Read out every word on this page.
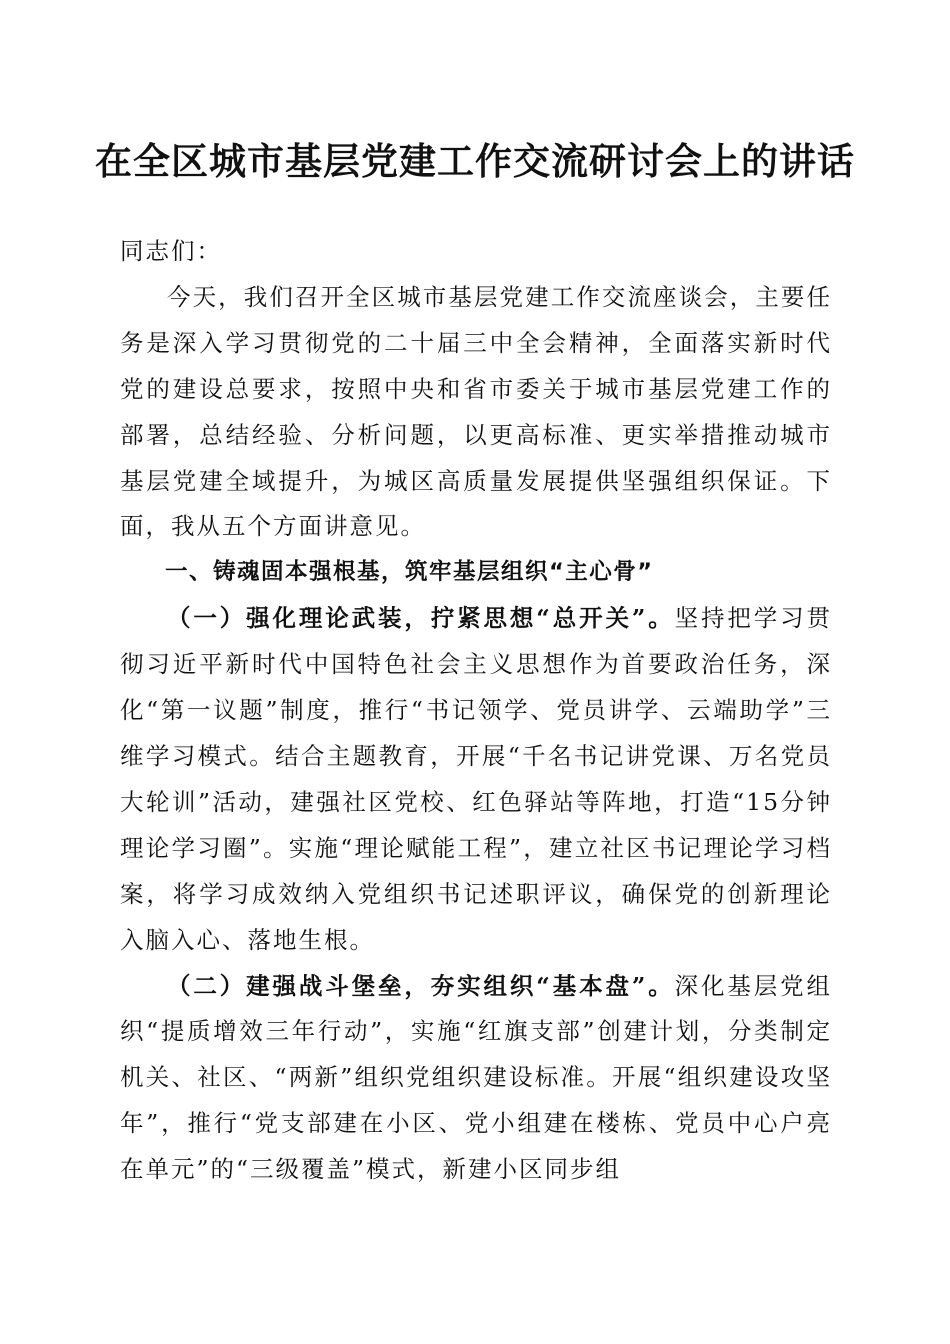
在全区城市基层党建工作交流研讨会上的讲话

同志们：

今天，我们召开全区城市基层党建工作交流座谈会，主要任务是深入学习贯彻党的二十届三中全会精神，全面落实新时代党的建设总要求，按照中央和省市委关于城市基层党建工作的部署，总结经验、分析问题，以更高标准、更实举措推动城市基层党建全域提升，为城区高质量发展提供坚强组织保证。下面，我从五个方面讲意见。

一、铸魂固本强根基，筑牢基层组织“主心骨”

（一）强化理论武装，拧紧思想“总开关”。坚持把学习贯彻习近平新时代中国特色社会主义思想作为首要政治任务，深化“第一议题”制度，推行“书记领学、党员讲学、云端助学”三维学习模式。结合主题教育，开展“千名书记讲党课、万名党员大轮训”活动，建强社区党校、红色驿站等阵地，打造“15分钟理论学习圈”。实施“理论赋能工程”，建立社区书记理论学习档案，将学习成效纳入党组织书记述职评议，确保党的创新理论入脑入心、落地生根。

（二）建强战斗堡垒，夯实组织“基本盘”。深化基层党组织“提质增效三年行动”，实施“红旗支部”创建计划，分类制定机关、社区、“两新”组织党组织建设标准。开展“组织建设攻坚年”，推行“党支部建在小区、党小组建在楼栋、党员中心户亮在单元”的“三级覆盖”模式，新建小区同步组
